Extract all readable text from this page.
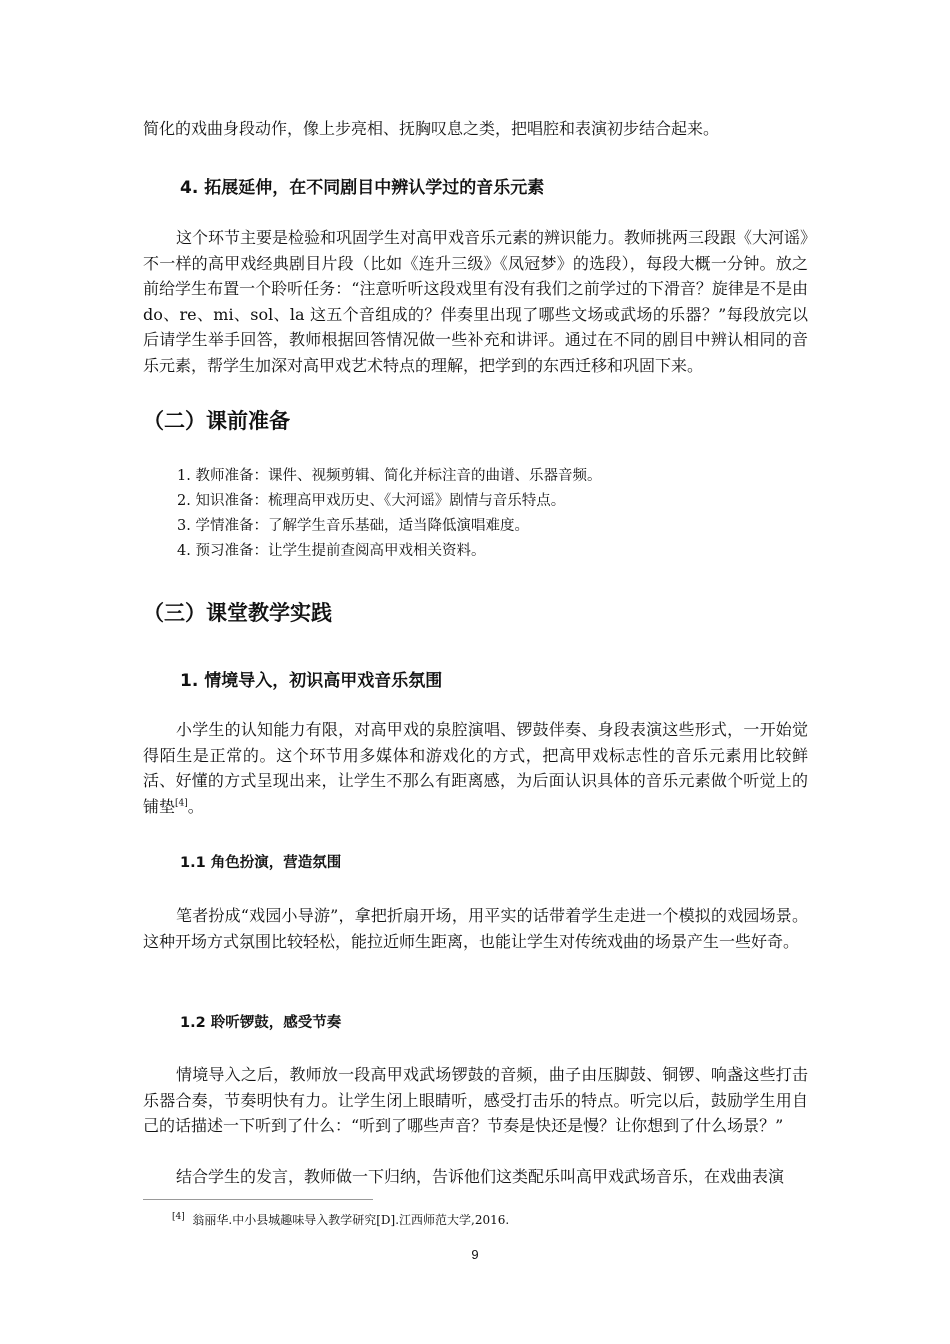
简化的戏曲身段动作，像上步亮相、抚胸叹息之类，把唱腔和表演初步结合起来。

4. 拓展延伸，在不同剧目中辨认学过的音乐元素

这个环节主要是检验和巩固学生对高甲戏音乐元素的辨识能力。教师挑两三段跟《大河谣》不一样的高甲戏经典剧目片段（比如《连升三级》《凤冠梦》的选段），每段大概一分钟。放之前给学生布置一个聆听任务：“注意听听这段戏里有没有我们之前学过的下滑音？旋律是不是由 do、re、mi、sol、la 这五个音组成的？伴奏里出现了哪些文场或武场的乐器？”每段放完以后请学生举手回答，教师根据回答情况做一些补充和讲评。通过在不同的剧目中辨认相同的音乐元素，帮学生加深对高甲戏艺术特点的理解，把学到的东西迁移和巩固下来。

（二）课前准备
1. 教师准备：课件、视频剪辑、简化并标注音的曲谱、乐器音频。
2. 知识准备：梳理高甲戏历史、《大河谣》剧情与音乐特点。
3. 学情准备：了解学生音乐基础，适当降低演唱难度。
4. 预习准备：让学生提前查阅高甲戏相关资料。
（三）课堂教学实践
1. 情境导入，初识高甲戏音乐氛围

小学生的认知能力有限，对高甲戏的泉腔演唱、锣鼓伴奏、身段表演这些形式，一开始觉得陌生是正常的。这个环节用多媒体和游戏化的方式，把高甲戏标志性的音乐元素用比较鲜活、好懂的方式呈现出来，让学生不那么有距离感，为后面认识具体的音乐元素做个听觉上的铺垫[4]。

1.1 角色扮演，营造氛围

笔者扮成“戏园小导游”，拿把折扇开场，用平实的话带着学生走进一个模拟的戏园场景。这种开场方式氛围比较轻松，能拉近师生距离，也能让学生对传统戏曲的场景产生一些好奇。

1.2 聆听锣鼓，感受节奏

情境导入之后，教师放一段高甲戏武场锣鼓的音频，曲子由压脚鼓、铜锣、响盏这些打击乐器合奏，节奏明快有力。让学生闭上眼睛听，感受打击乐的特点。听完以后，鼓励学生用自己的话描述一下听到了什么：“听到了哪些声音？节奏是快还是慢？让你想到了什么场景？”

结合学生的发言，教师做一下归纳，告诉他们这类配乐叫高甲戏武场音乐，在戏曲表演

[4] 翁丽华.中小县城趣味导入教学研究[D].江西师范大学,2016.
9
